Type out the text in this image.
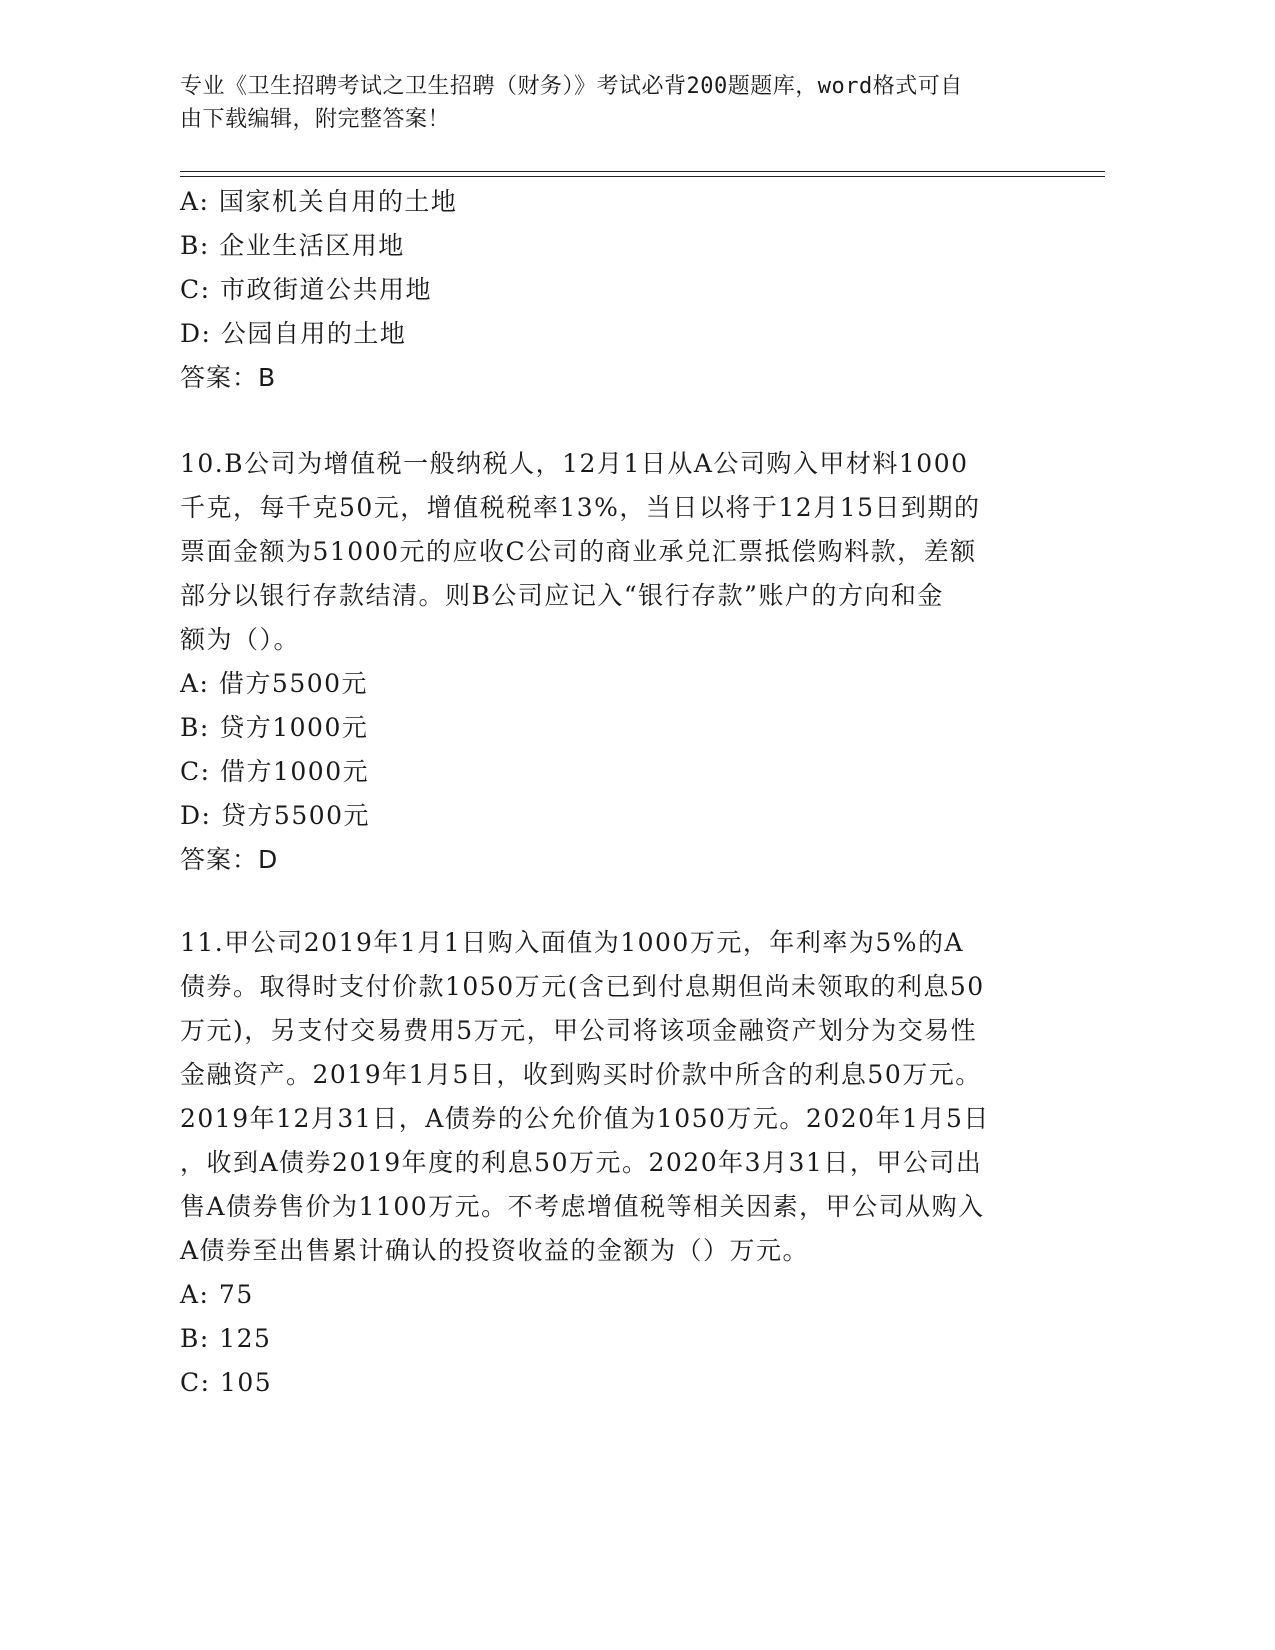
专业《卫生招聘考试之卫生招聘（财务）》考试必背200题题库，word格式可自
由下载编辑，附完整答案！
A: 国家机关自用的土地
B: 企业生活区用地
C: 市政街道公共用地
D: 公园自用的土地
答案：B
10.B公司为增值税一般纳税人，12月1日从A公司购入甲材料1000
千克，每千克50元，增值税税率13%，当日以将于12月15日到期的
票面金额为51000元的应收C公司的商业承兑汇票抵偿购料款，差额
部分以银行存款结清。则B公司应记入“银行存款”账户的方向和金
额为（）。
A: 借方5500元
B: 贷方1000元
C: 借方1000元
D: 贷方5500元
答案：D
11.甲公司2019年1月1日购入面值为1000万元，年利率为5%的A
债券。取得时支付价款1050万元(含已到付息期但尚未领取的利息50
万元)，另支付交易费用5万元，甲公司将该项金融资产划分为交易性
金融资产。2019年1月5日，收到购买时价款中所含的利息50万元。
2019年12月31日，A债券的公允价值为1050万元。2020年1月5日
，收到A债券2019年度的利息50万元。2020年3月31日，甲公司出
售A债券售价为1100万元。不考虑增值税等相关因素，甲公司从购入
A债券至出售累计确认的投资收益的金额为（）万元。
A: 75
B: 125
C: 105
